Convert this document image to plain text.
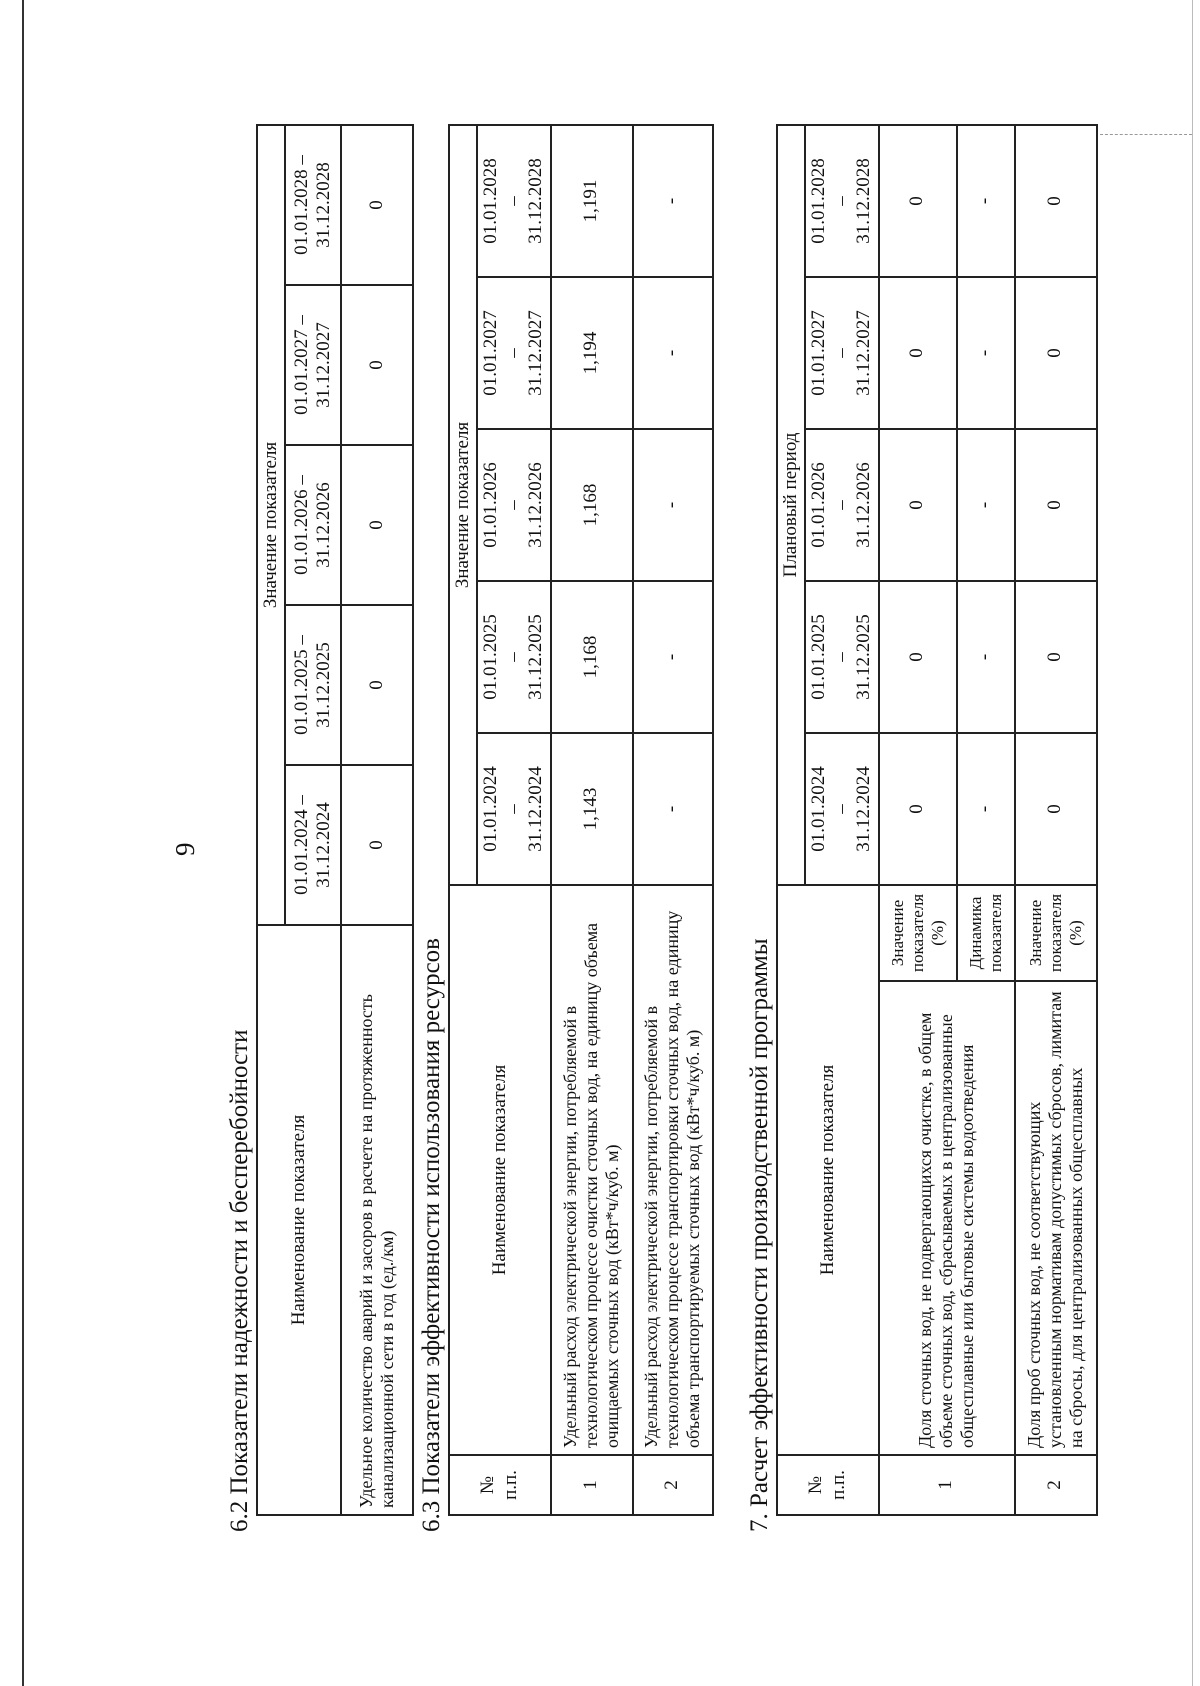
9
6.2 Показатели надежности и бесперебойности Наименование показателя	Значение показателя				
	01.01.2024 – 31.12.2024	01.01.2025 – 31.12.2025	01.01.2026 – 31.12.2026	01.01.2027 – 31.12.2027	01.01.2028 – 31.12.2028
Удельное количество аварий и засоров в расчете на протяженность канализационной сети в год (ед./км)	0	0	0	0	0
6.3 Показатели эффективности использования ресурсов № п.п.	Наименование показателя	Значение показателя				
		01.01.2024
–
31.12.2024	01.01.2025
–
31.12.2025	01.01.2026
–
31.12.2026	01.01.2027
–
31.12.2027	01.01.2028
–
31.12.2028
1	Удельный расход электрической энергии, потребляемой в технологическом процессе очистки сточных вод, на единицу объема очищаемых сточных вод (кВт*ч/куб. м)	1,143	1,168	1,168	1,194	1,191
2	Удельный расход электрической энергии, потребляемой в технологическом процессе транспортировки сточных вод, на единицу объема транспортируемых сточных вод (кВт*ч/куб. м)	-	-	-	-	-
7. Расчет эффективности производственной программы № п.п.	Наименование показателя		Плановый период				
			01.01.2024
–
31.12.2024	01.01.2025
–
31.12.2025	01.01.2026
–
31.12.2026	01.01.2027
–
31.12.2027	01.01.2028
–
31.12.2028
1	Доля сточных вод, не подвергающихся очистке, в общем объеме сточных вод, сбрасываемых в централизованные общесплавные или бытовые системы водоотведения	Значение показателя (%)	0	0	0	0	0
		Динамика показателя	-	-	-	-	-
2	Доля проб сточных вод, не соответствующих установленным нормативам допустимых сбросов, лимитам на сбросы, для централизованных общесплавных	Значение показателя (%)	0	0	0	0	0
